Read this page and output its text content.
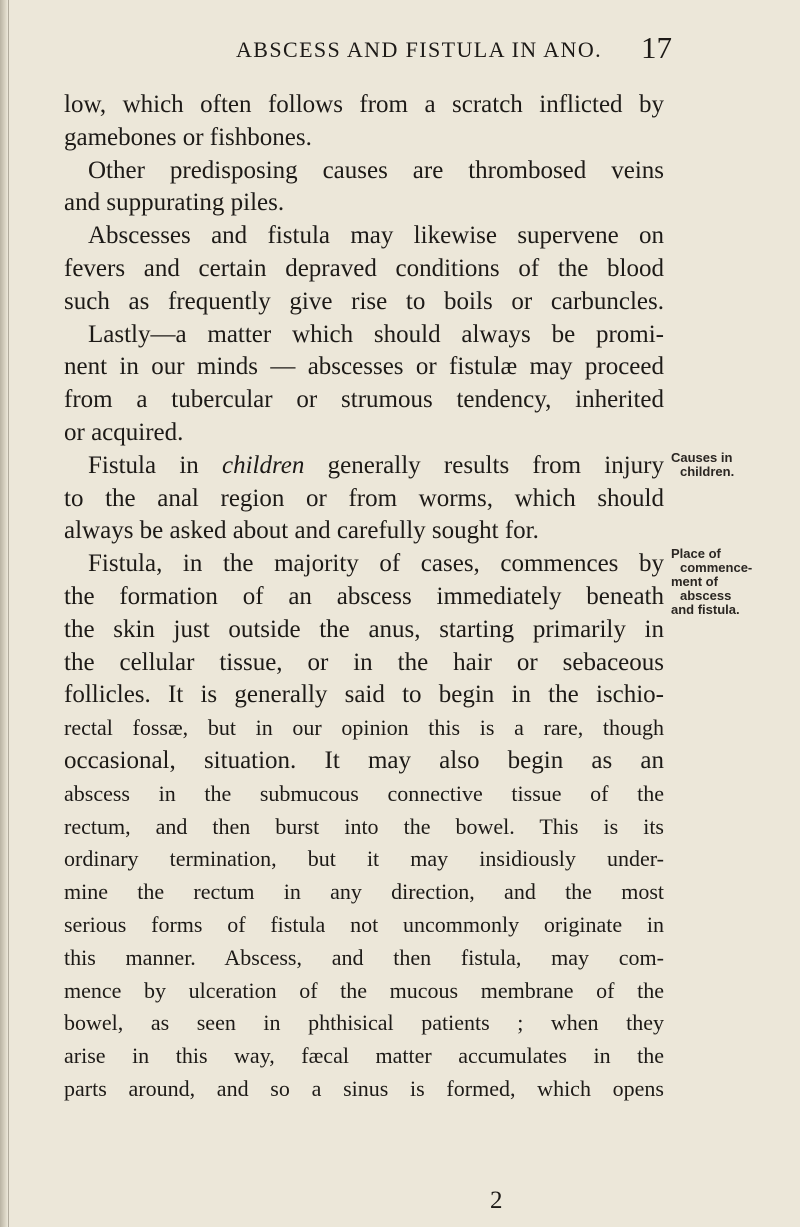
ABSCESS AND FISTULA IN ANO. 17
low, which often follows from a scratch inflicted by
gamebones or fishbones.
Other predisposing causes are thrombosed veins
and suppurating piles.
Abscesses and fistula may likewise supervene on
fevers and certain depraved conditions of the blood
such as frequently give rise to boils or carbuncles.
Lastly—a matter which should always be promi-
nent in our minds — abscesses or fistulæ may proceed
from a tubercular or strumous tendency, inherited
or acquired.
Fistula in children generally results from injury
to the anal region or from worms, which should
always be asked about and carefully sought for.
Fistula, in the majority of cases, commences by
the formation of an abscess immediately beneath
the skin just outside the anus, starting primarily in
the cellular tissue, or in the hair or sebaceous
follicles. It is generally said to begin in the ischio-
rectal fossæ, but in our opinion this is a rare, though
occasional, situation. It may also begin as an
abscess in the submucous connective tissue of the
rectum, and then burst into the bowel. This is its
ordinary termination, but it may insidiously under-
mine the rectum in any direction, and the most
serious forms of fistula not uncommonly originate in
this manner. Abscess, and then fistula, may com-
mence by ulceration of the mucous membrane of the
bowel, as seen in phthisical patients ; when they
arise in this way, fæcal matter accumulates in the
parts around, and so a sinus is formed, which opens
Causes in
children.
Place of
commence-
ment of
abscess
and fistula.
2
